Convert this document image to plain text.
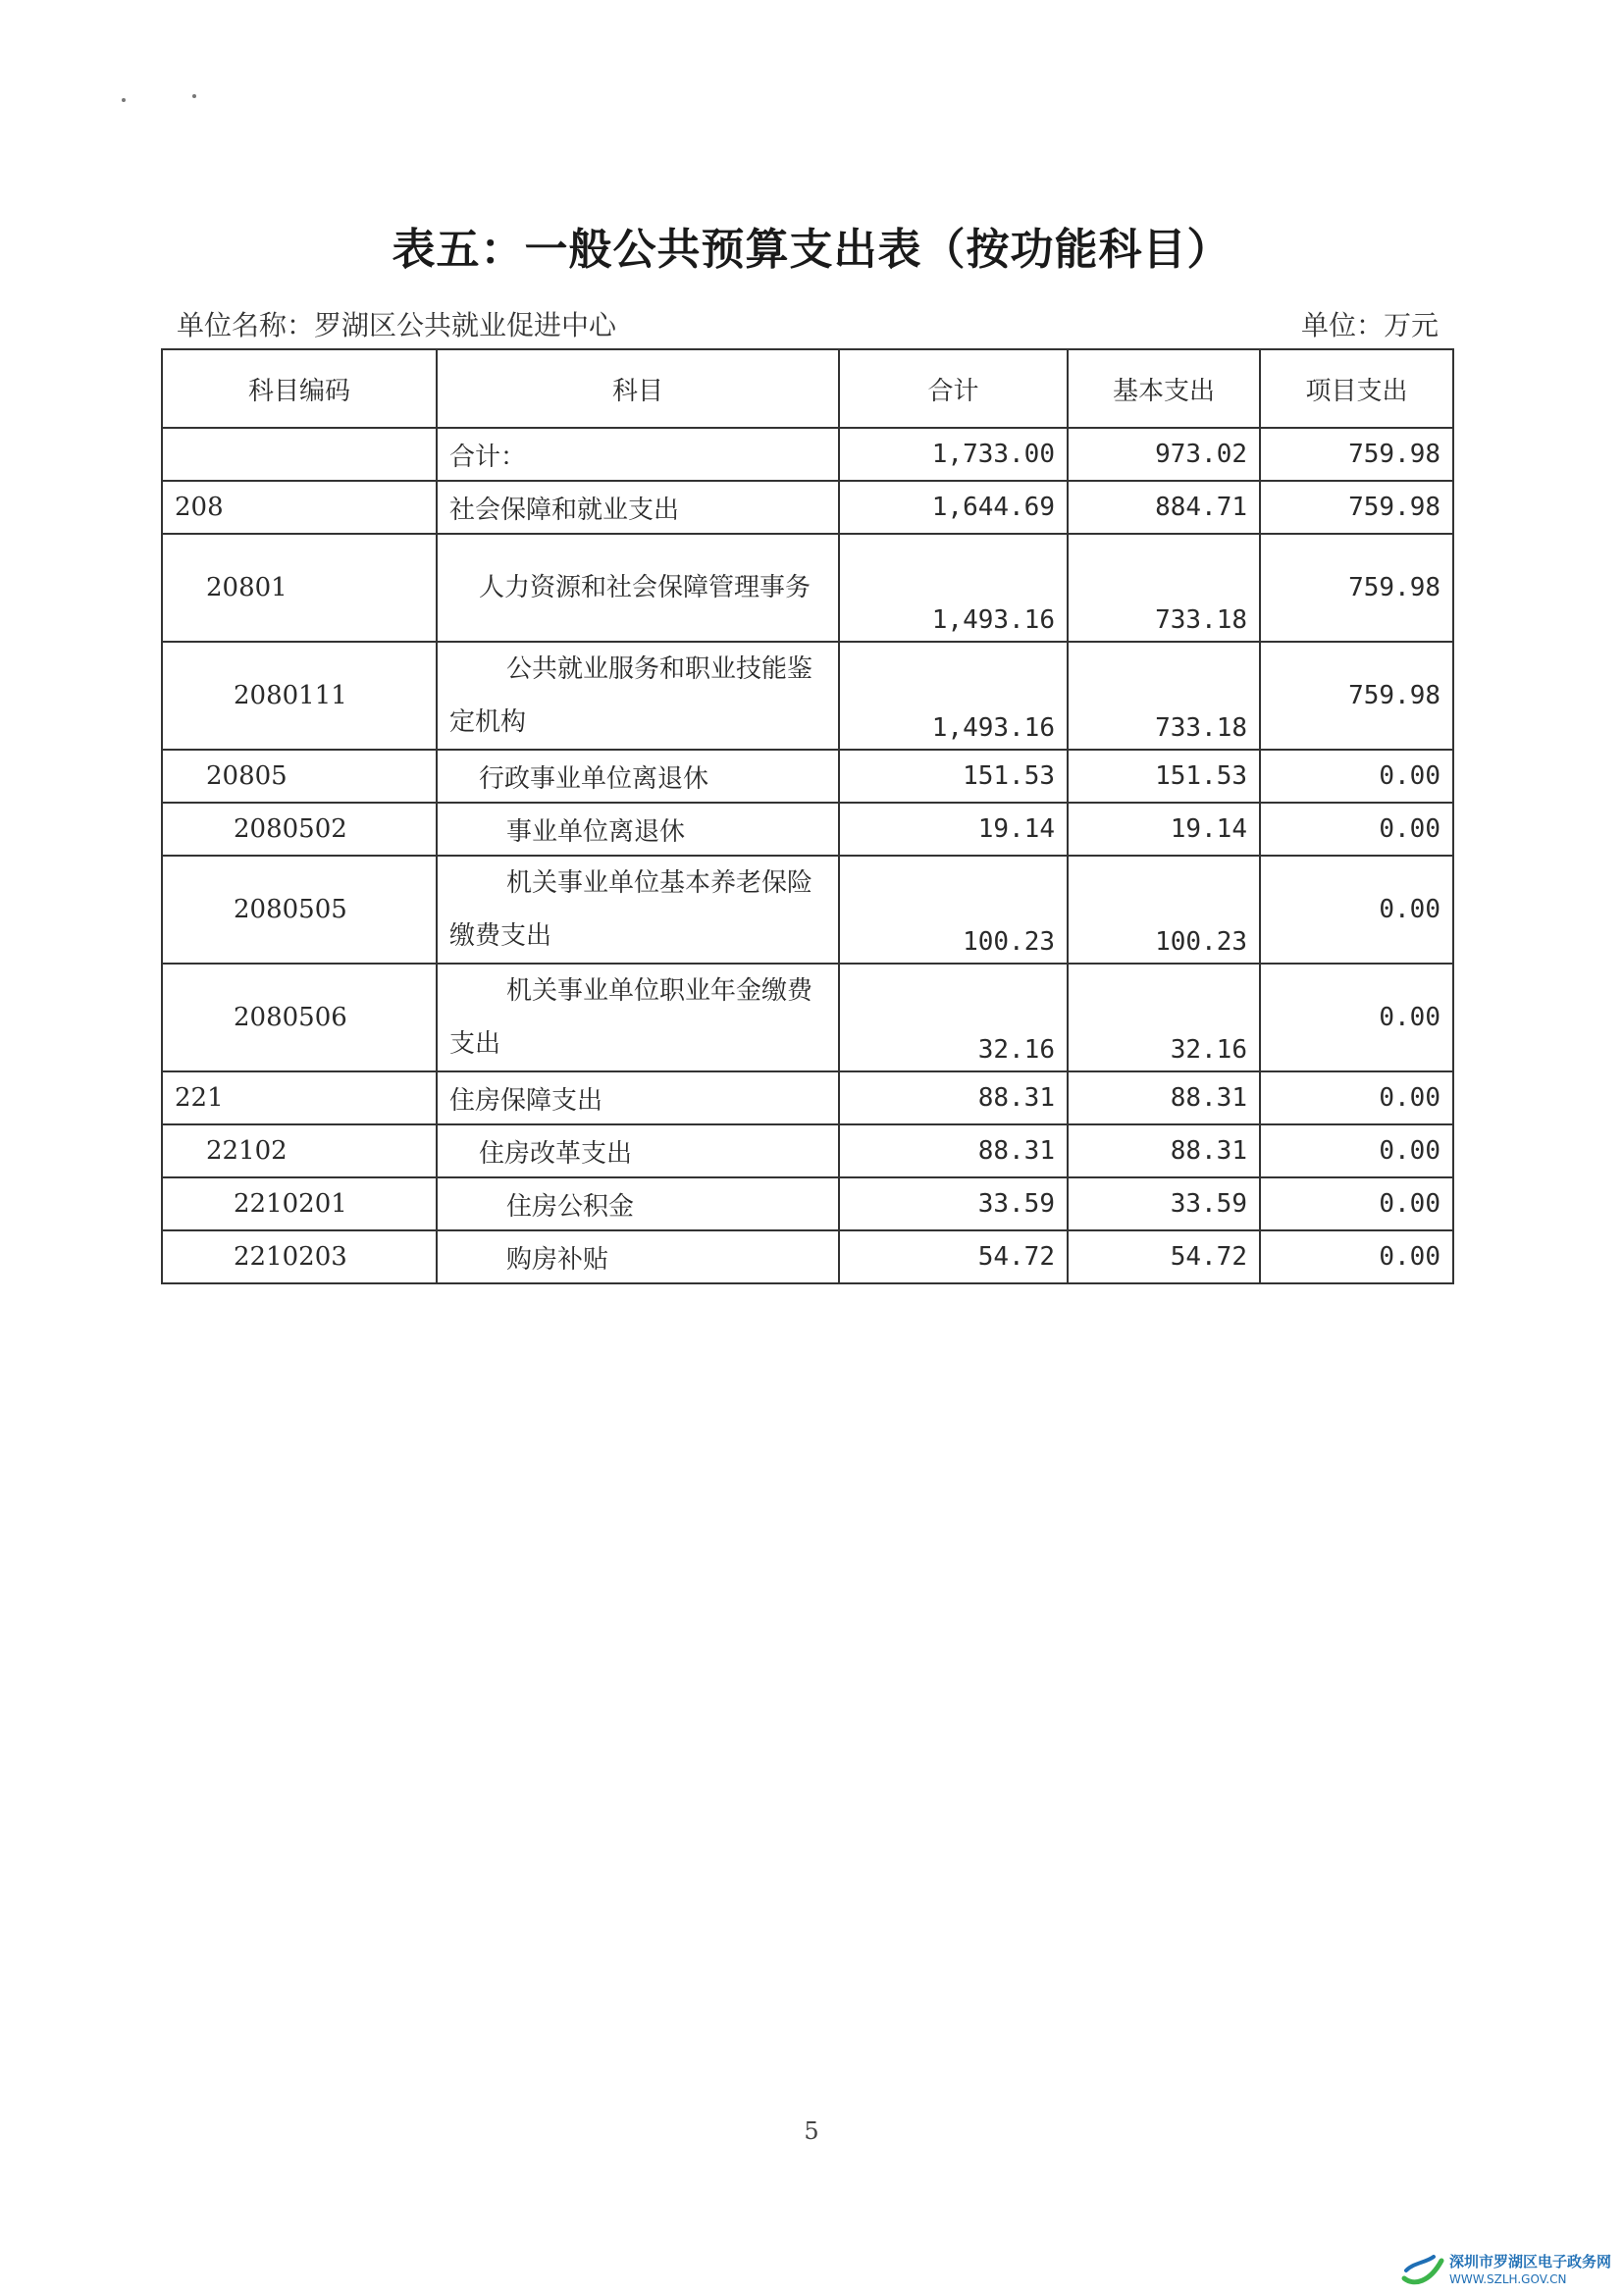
表五：一般公共预算支出表（按功能科目）
单位名称：罗湖区公共就业促进中心	单位：万元
科目编码	科目	合计	基本支出	项目支出
	合计：	1,733.00	973.02	759.98
208	社会保障和就业支出	1,644.69	884.71	759.98
20801	人力资源和社会保障管理事务	1,493.16	733.18	759.98
2080111	公共就业服务和职业技能鉴定机构	1,493.16	733.18	759.98
20805	行政事业单位离退休	151.53	151.53	0.00
2080502	事业单位离退休	19.14	19.14	0.00
2080505	机关事业单位基本养老保险缴费支出	100.23	100.23	0.00
2080506	机关事业单位职业年金缴费支出	32.16	32.16	0.00
221	住房保障支出	88.31	88.31	0.00
22102	住房改革支出	88.31	88.31	0.00
2210201	住房公积金	33.59	33.59	0.00
2210203	购房补贴	54.72	54.72	0.00
5
深圳市罗湖区电子政务网
WWW.SZLH.GOV.CN
